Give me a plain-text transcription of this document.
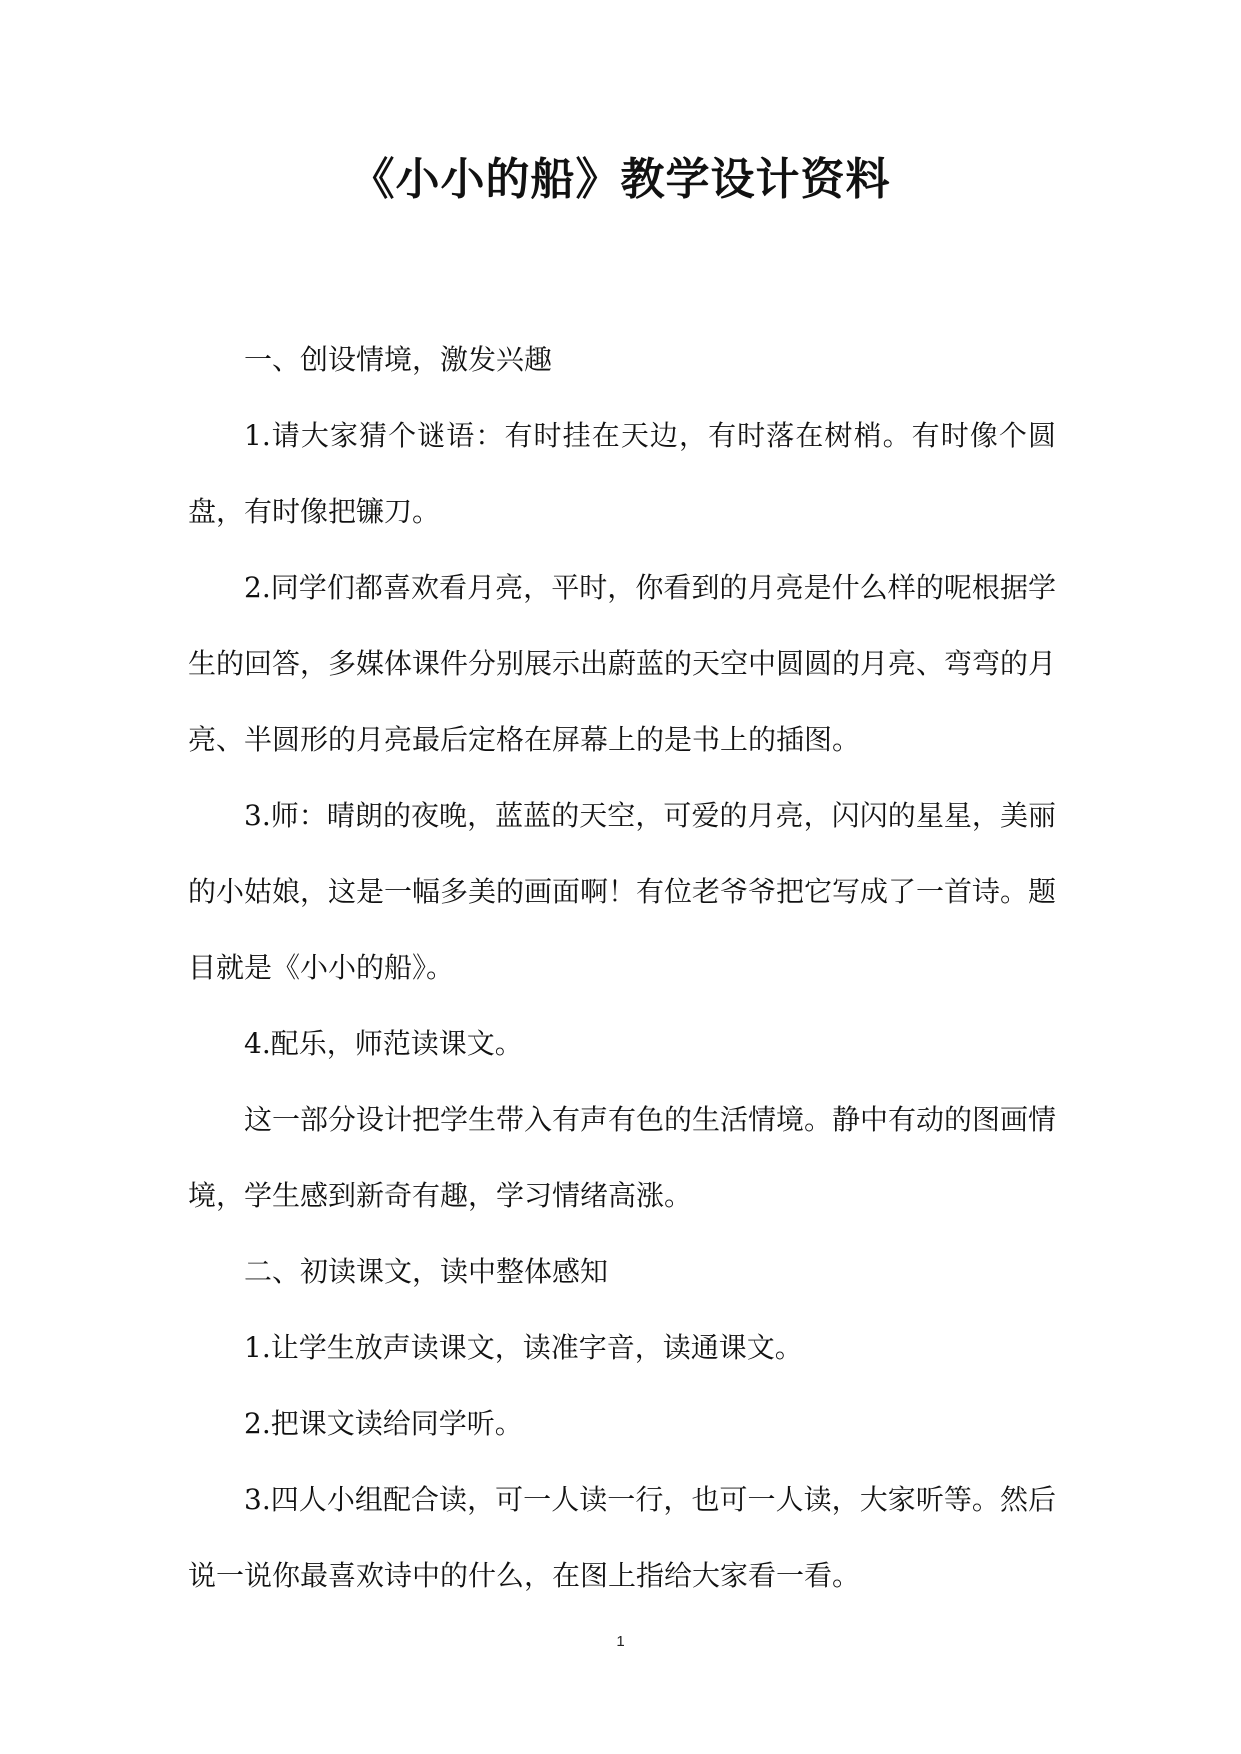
《小小的船》教学设计资料

一、创设情境，激发兴趣

1.请大家猜个谜语：有时挂在天边，有时落在树梢。有时像个圆盘，有时像把镰刀。

2.同学们都喜欢看月亮，平时，你看到的月亮是什么样的呢根据学生的回答，多媒体课件分别展示出蔚蓝的天空中圆圆的月亮、弯弯的月亮、半圆形的月亮最后定格在屏幕上的是书上的插图。

3.师：晴朗的夜晚，蓝蓝的天空，可爱的月亮，闪闪的星星，美丽的小姑娘，这是一幅多美的画面啊！有位老爷爷把它写成了一首诗。题目就是《小小的船》。

4.配乐，师范读课文。

这一部分设计把学生带入有声有色的生活情境。静中有动的图画情境，学生感到新奇有趣，学习情绪高涨。

二、初读课文，读中整体感知

1.让学生放声读课文，读准字音，读通课文。

2.把课文读给同学听。

3.四人小组配合读，可一人读一行，也可一人读，大家听等。然后说一说你最喜欢诗中的什么，在图上指给大家看一看。

1
